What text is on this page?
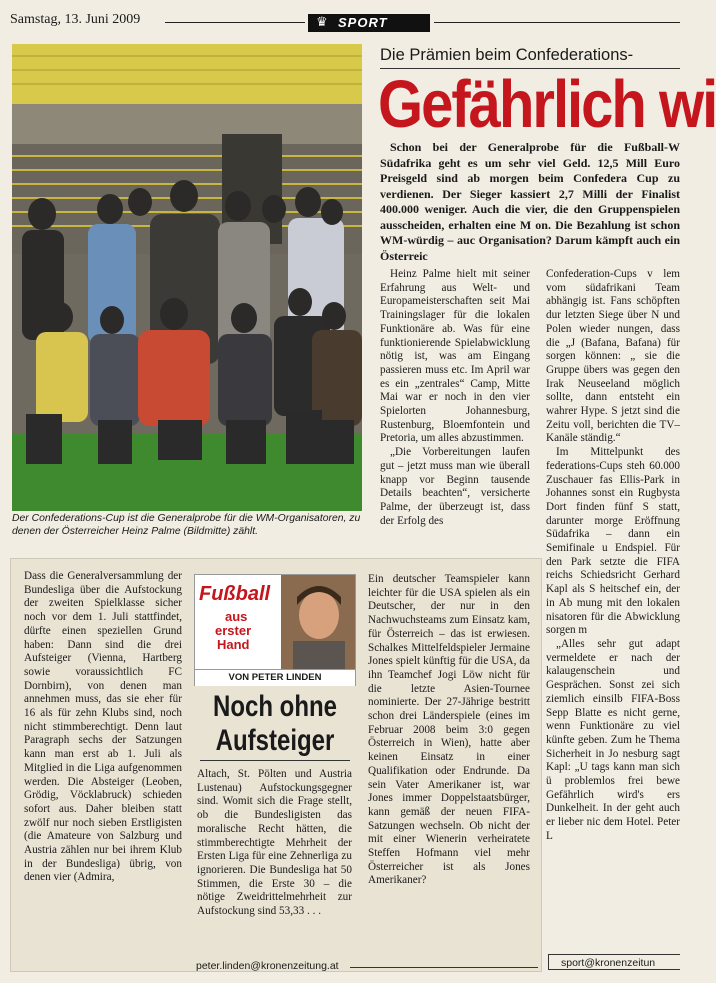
Samstag, 13. Juni 2009	♛ SPORT
Foto: Privat
Der Confederations-Cup ist die Generalprobe für die WM-Organisatoren, zu denen der Österreicher Heinz Palme (Bildmitte) zählt.
Die Prämien beim Confederations-
Gefährlich wi
Schon bei der Generalprobe für die Fußball-W Südafrika geht es um sehr viel Geld. 12,5 Mill Euro Preisgeld sind ab morgen beim Confedera Cup zu verdienen. Der Sieger kassiert 2,7 Milli der Finalist 400.000 weniger. Auch die vier, die den Gruppenspielen ausscheiden, erhalten eine M on. Die Bezahlung ist schon WM-würdig – auc Organisation? Darum kämpft auch ein Österreic

Heinz Palme hielt mit seiner Erfahrung aus Welt- und Europameisterschaften seit Mai Trainingslager für die lokalen Funktionäre ab. Was für eine funktionierende Spielabwicklung nötig ist, was am Eingang passieren muss etc. Im April war es ein „zentrales“ Camp, Mitte Mai war er noch in den vier Spielorten Johannesburg, Rustenburg, Bloemfontein und Pretoria, um alles abzustimmen.

„Die Vorbereitungen laufen gut – jetzt muss man wie überall knapp vor Beginn tausende Details beachten“, versicherte Palme, der überzeugt ist, dass der Erfolg des

Confederation-Cups v lem vom südafrikani Team abhängig ist. Fans schöpften dur letzten Siege über N und Polen wieder nungen, dass die „J (Bafana, Bafana) für sorgen können: „ sie die Gruppe übers was gegen den Irak Neuseeland möglich sollte, dann entsteht ein wahrer Hype. S jetzt sind die Zeitu voll, berichten die TV–Kanäle ständig.“

Im Mittelpunkt des federations-Cups steh 60.000 Zuschauer fas Ellis-Park in Johannes sonst ein Rugbysta Dort finden fünf S statt, darunter morge Eröffnung Südafrika – dann ein Semifinale u Endspiel. Für den Park setzte die FIFA reichs Schiedsricht Gerhard Kapl als S heitschef ein, der in Ab mung mit den lokalen nisatoren für die Abwicklung sorgen m

„Alles sehr gut adapt vermeldete er nach der kalaugenschein und Gesprächen. Sonst zei sich ziemlich einsilb FIFA-Boss Sepp Blatte es nicht gerne, wenn Funktionäre zu viel künfte geben. Zum he Thema Sicherheit in Jo nesburg sagt Kapl: „U tags kann man sich ü problemlos frei bewe Gefährlich wird's ers Dunkelheit. In der geht auch er lieber nic dem Hotel. Peter L

Dass die Generalversammlung der Bundesliga über die Aufstockung der zweiten Spielklasse sicher noch vor dem 1. Juli stattfindet, dürfte einen speziellen Grund haben: Dann sind die drei Aufsteiger (Vienna, Hartberg sowie voraussichtlich FC Dornbirn), von denen man annehmen muss, das sie eher für 16 als für zehn Klubs sind, noch nicht stimmberechtigt. Denn laut Paragraph sechs der Satzungen kann man erst ab 1. Juli als Mitglied in die Liga aufgenommen werden. Die Absteiger (Leoben, Grödig, Vöcklabruck) schieden sofort aus. Daher bleiben statt zwölf nur noch sieben Erstligisten (die Amateure von Salzburg und Austria zählen nur bei ihrem Klub in der Bundesliga) übrig, von denen vier (Admira,

Fußball
aus
erster
Hand
VON PETER LINDEN
Noch ohne
Aufsteiger

Altach, St. Pölten und Austria Lustenau) Aufstockungsgegner sind. Womit sich die Frage stellt, ob die Bundesligisten das moralische Recht hätten, die stimmberechtigte Mehrheit der Ersten Liga für eine Zehnerliga zu ignorieren. Die Bundesliga hat 50 Stimmen, die Erste 30 – die nötige Zweidrittelmehrheit zur Aufstockung sind 53,33 . . .

Ein deutscher Teamspieler kann leichter für die USA spielen als ein Deutscher, der nur in den Nachwuchsteams zum Einsatz kam, für Österreich – das ist erwiesen. Schalkes Mittelfeldspieler Jermaine Jones spielt künftig für die USA, da ihn Teamchef Jogi Löw nicht für die letzte Asien-Tournee nominierte. Der 27-Jährige bestritt schon drei Länderspiele (eines im Februar 2008 beim 3:0 gegen Österreich in Wien), hatte aber keinen Einsatz in einer Qualifikation oder Endrunde. Da sein Vater Amerikaner ist, war Jones immer Doppelstaatsbürger, kann gemäß der neuen FIFA-Satzungen wechseln. Ob nicht der mit einer Wienerin verheiratete Steffen Hofmann viel mehr Österreicher ist als Jones Amerikaner?

peter.linden@kronenzeitung.at	sport@kronenzeitun
